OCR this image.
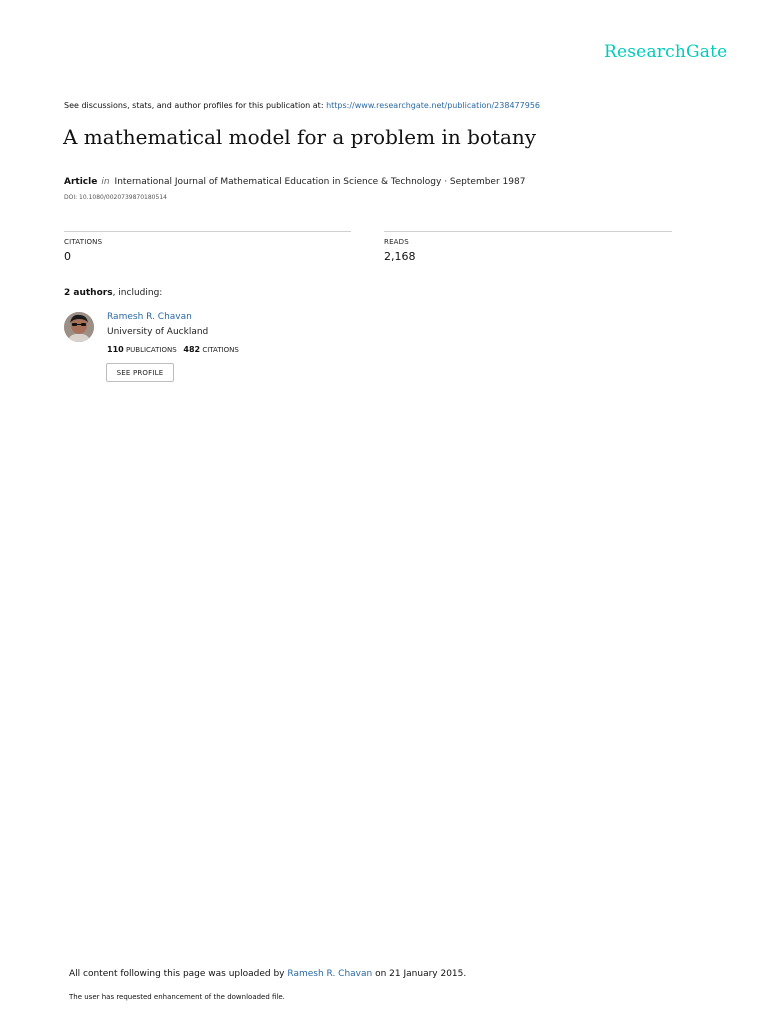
ResearchGate
See discussions, stats, and author profiles for this publication at: https://www.researchgate.net/publication/238477956
A mathematical model for a problem in botany
Article in International Journal of Mathematical Education in Science & Technology · September 1987
DOI: 10.1080/0020739870180514
CITATIONS
0
READS
2,168
2 authors, including:
Ramesh R. Chavan
University of Auckland
110 PUBLICATIONS 482 CITATIONS
SEE PROFILE
All content following this page was uploaded by Ramesh R. Chavan on 21 January 2015.
The user has requested enhancement of the downloaded file.
